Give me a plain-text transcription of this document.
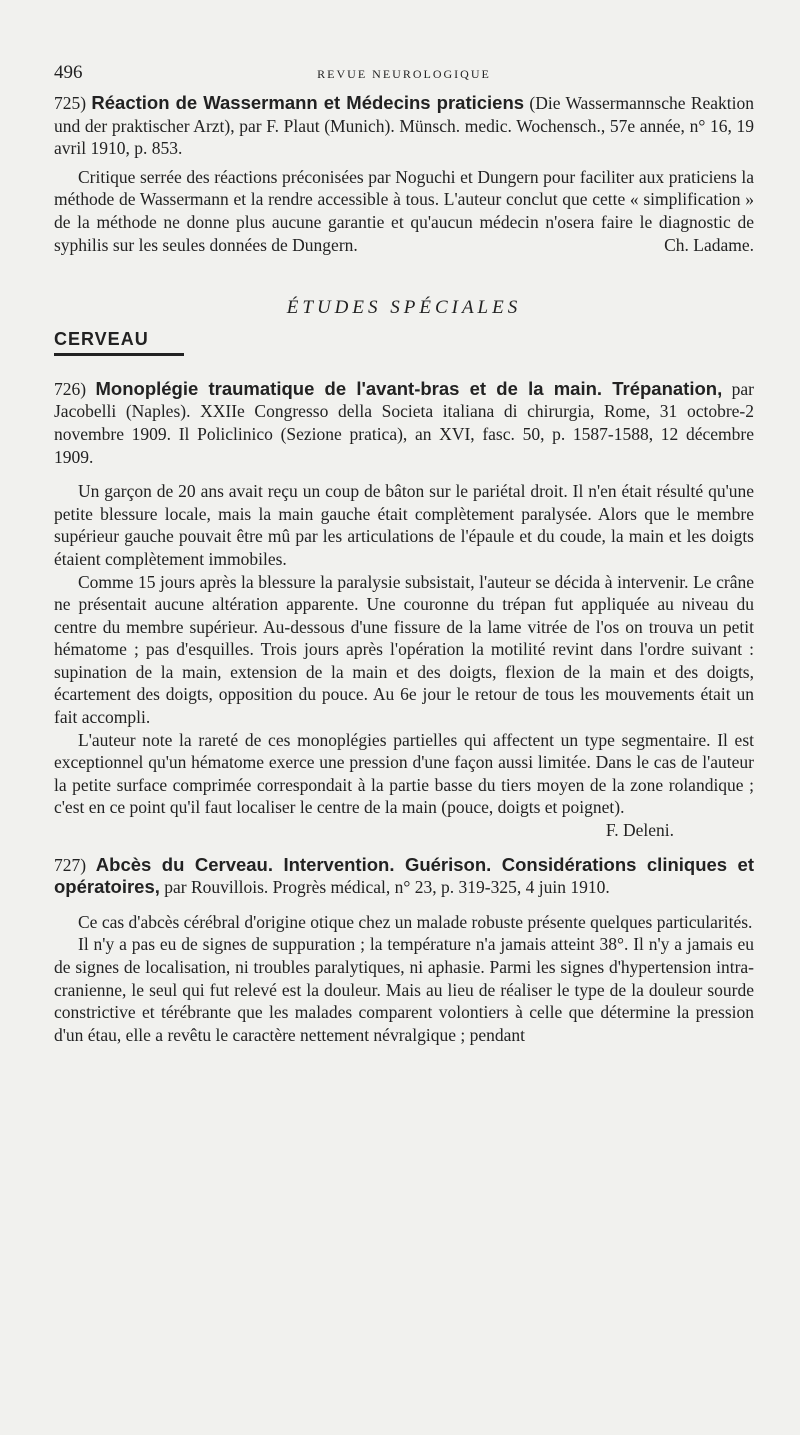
496	REVUE NEUROLOGIQUE
725) Réaction de Wassermann et Médecins praticiens (Die Wassermannsche Reaktion und der praktischer Arzt), par F. Plaut (Munich). Münsch. medic. Wochensch., 57e année, n° 16, 19 avril 1910, p. 853.

Critique serrée des réactions préconisées par Noguchi et Dungern pour faciliter aux praticiens la méthode de Wassermann et la rendre accessible à tous. L'auteur conclut que cette « simplification » de la méthode ne donne plus aucune garantie et qu'aucun médecin n'osera faire le diagnostic de syphilis sur les seules données de Dungern.	Ch. Ladame.

ÉTUDES SPÉCIALES
CERVEAU
726) Monoplégie traumatique de l'avant-bras et de la main. Trépanation, par Jacobelli (Naples). XXIIe Congresso della Societa italiana di chirurgia, Rome, 31 octobre-2 novembre 1909. Il Policlinico (Sezione pratica), an XVI, fasc. 50, p. 1587-1588, 12 décembre 1909.

Un garçon de 20 ans avait reçu un coup de bâton sur le pariétal droit. Il n'en était résulté qu'une petite blessure locale, mais la main gauche était complètement paralysée. Alors que le membre supérieur gauche pouvait être mû par les articulations de l'épaule et du coude, la main et les doigts étaient complètement immobiles.

Comme 15 jours après la blessure la paralysie subsistait, l'auteur se décida à intervenir. Le crâne ne présentait aucune altération apparente. Une couronne du trépan fut appliquée au niveau du centre du membre supérieur. Au-dessous d'une fissure de la lame vitrée de l'os on trouva un petit hématome ; pas d'esquilles. Trois jours après l'opération la motilité revint dans l'ordre suivant : supination de la main, extension de la main et des doigts, flexion de la main et des doigts, écartement des doigts, opposition du pouce. Au 6e jour le retour de tous les mouvements était un fait accompli.

L'auteur note la rareté de ces monoplégies partielles qui affectent un type segmentaire. Il est exceptionnel qu'un hématome exerce une pression d'une façon aussi limitée. Dans le cas de l'auteur la petite surface comprimée correspondait à la partie basse du tiers moyen de la zone rolandique ; c'est en ce point qu'il faut localiser le centre de la main (pouce, doigts et poignet).

F. Deleni.

727) Abcès du Cerveau. Intervention. Guérison. Considérations cliniques et opératoires, par Rouvillois. Progrès médical, n° 23, p. 319-325, 4 juin 1910.

Ce cas d'abcès cérébral d'origine otique chez un malade robuste présente quelques particularités.

Il n'y a pas eu de signes de suppuration ; la température n'a jamais atteint 38°. Il n'y a jamais eu de signes de localisation, ni troubles paralytiques, ni aphasie. Parmi les signes d'hypertension intra-cranienne, le seul qui fut relevé est la douleur. Mais au lieu de réaliser le type de la douleur sourde constrictive et térébrante que les malades comparent volontiers à celle que détermine la pression d'un étau, elle a revêtu le caractère nettement névralgique ; pendant
